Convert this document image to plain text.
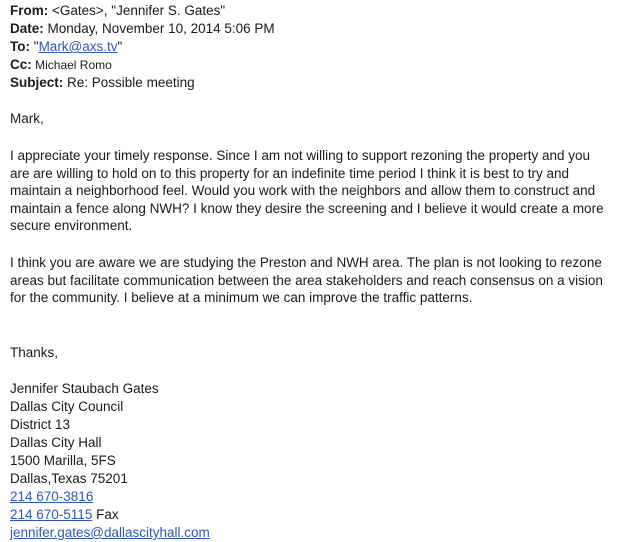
From: <Gates>, "Jennifer S. Gates"
Date: Monday, November 10, 2014 5:06 PM
To: "Mark@axs.tv"
Cc: Michael Romo
Subject: Re: Possible meeting
Mark,
I appreciate your timely response. Since I am not willing to support rezoning the property and you are are willing to hold on to this property for an indefinite time period I think it is best to try and maintain a neighborhood feel. Would you work with the neighbors and allow them to construct and maintain a fence along NWH? I know they desire the screening and I believe it would create a more secure environment.
I think you are aware we are studying the Preston and NWH area. The plan is not looking to rezone areas but facilitate communication between the area stakeholders and reach consensus on a vision for the community. I believe at a minimum we can improve the traffic patterns.
Thanks,
Jennifer Staubach Gates
Dallas City Council
District 13
Dallas City Hall
1500 Marilla, 5FS
Dallas,Texas 75201
214 670-3816
214 670-5115 Fax
jennifer.gates@dallascityhall.com
